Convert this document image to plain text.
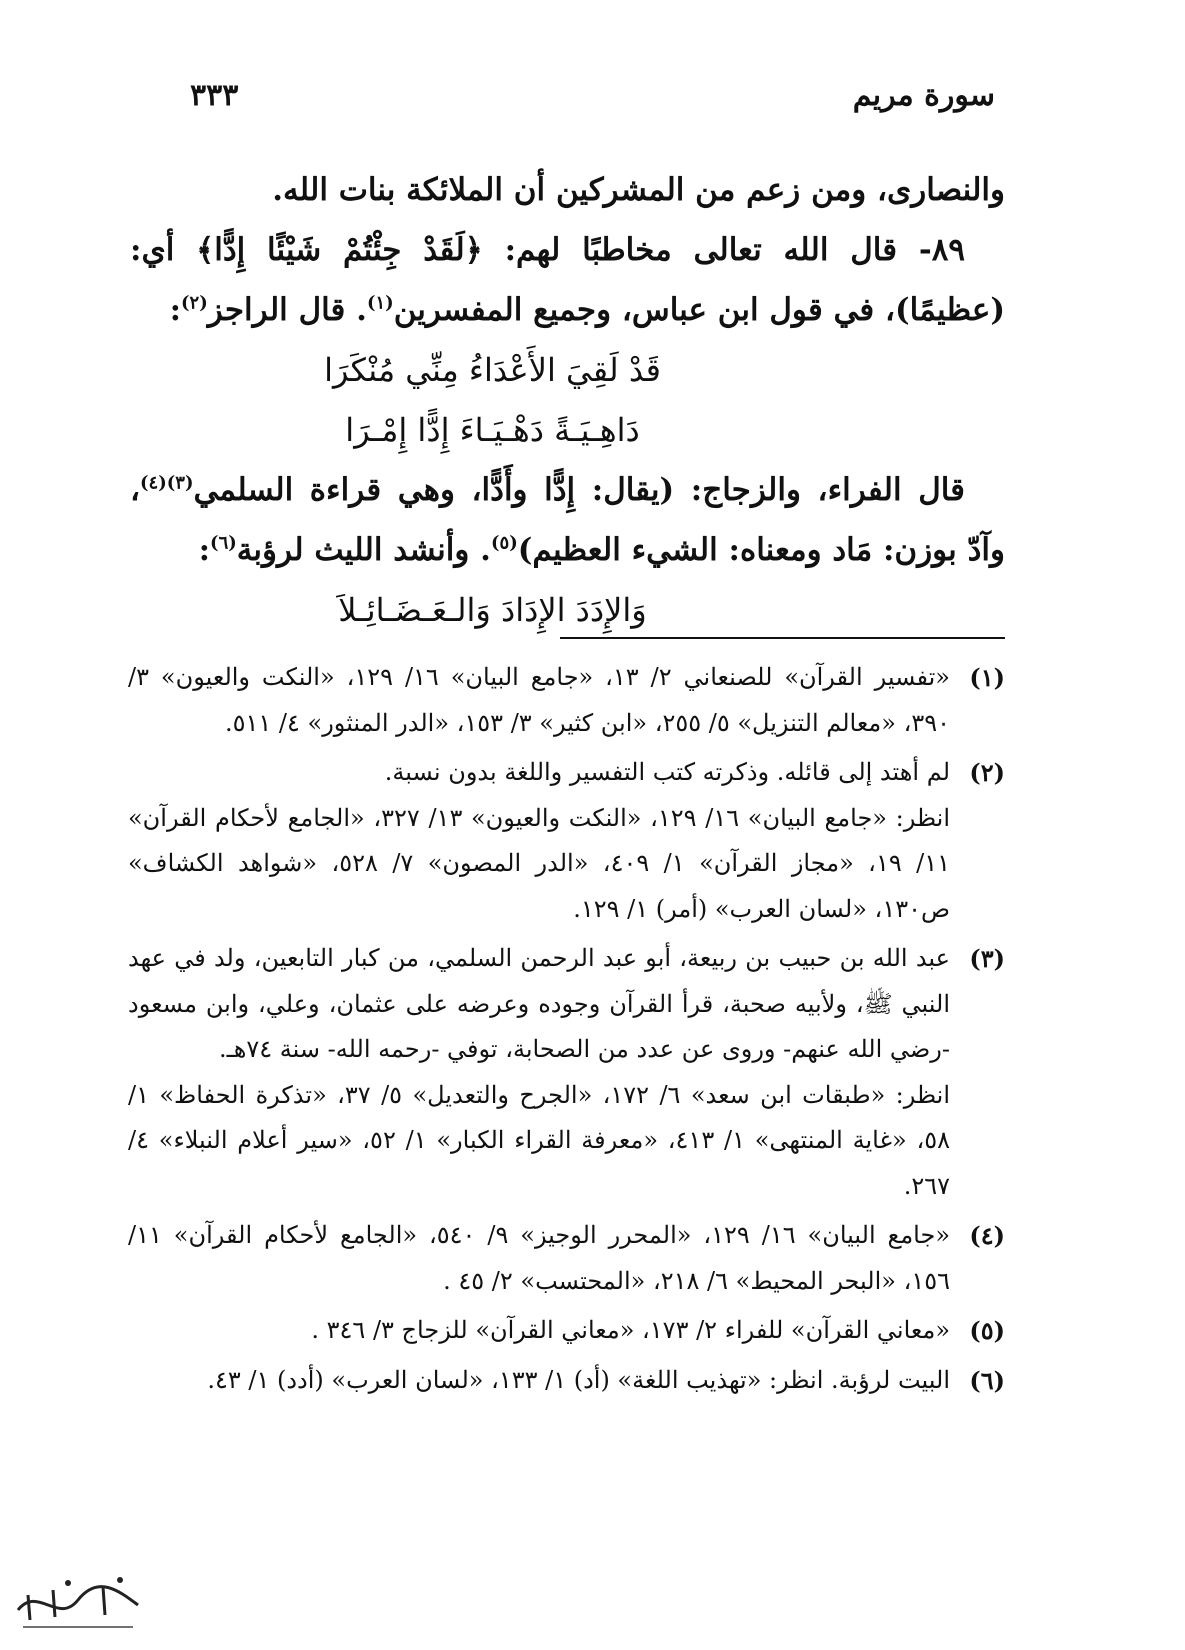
سورة مريم
٣٣٣

والنصارى، ومن زعم من المشركين أن الملائكة بنات الله.

٨٩- قال الله تعالى مخاطبًا لهم: ﴿لَقَدْ جِئْتُمْ شَيْئًا إِدًّا﴾ أي: (عظيمًا)، في قول ابن عباس، وجميع المفسرين$^{(١)}$. قال الراجز$^{(٢)}$:

قَدْ لَقِيَ الأَعْدَاءُ مِنِّي مُنْكَرَا
دَاهِـيَـةً دَهْـيَـاءَ إِدًّا إِمْـرَا

قال الفراء، والزجاج: (يقال: إِدًّا وأَدًّا، وهي قراءة السلمي$^{(٣)(٤)}$، وآدّ بوزن: مَاد ومعناه: الشيء العظيم)$^{(٥)}$. وأنشد الليث لرؤبة$^{(٦)}$:

وَالإِدَدَ الإِدَادَ وَالـعَـضَـائِـلاَ
(١)

«تفسير القرآن» للصنعاني ٢/ ١٣، «جامع البيان» ١٦/ ١٢٩، «النكت والعيون» ٣/ ٣٩٠، «معالم التنزيل» ٥/ ٢٥٥، «ابن كثير» ٣/ ١٥٣، «الدر المنثور» ٤/ ٥١١.

(٢)

لم أهتد إلى قائله. وذكرته كتب التفسير واللغة بدون نسبة.

انظر: «جامع البيان» ١٦/ ١٢٩، «النكت والعيون» ١٣/ ٣٢٧، «الجامع لأحكام القرآن» ١١/ ١٩، «مجاز القرآن» ١/ ٤٠٩، «الدر المصون» ٧/ ٥٢٨، «شواهد الكشاف» ص١٣٠، «لسان العرب» (أمر) ١/ ١٢٩.

(٣)

عبد الله بن حبيب بن ربيعة، أبو عبد الرحمن السلمي، من كبار التابعين، ولد في عهد النبي ﷺ، ولأبيه صحبة، قرأ القرآن وجوده وعرضه على عثمان، وعلي، وابن مسعود -رضي الله عنهم- وروى عن عدد من الصحابة، توفي -رحمه الله- سنة ٧٤هـ.

انظر: «طبقات ابن سعد» ٦/ ١٧٢، «الجرح والتعديل» ٥/ ٣٧، «تذكرة الحفاظ» ١/ ٥٨، «غاية المنتهى» ١/ ٤١٣، «معرفة القراء الكبار» ١/ ٥٢، «سير أعلام النبلاء» ٤/ ٢٦٧.

(٤)

«جامع البيان» ١٦/ ١٢٩، «المحرر الوجيز» ٩/ ٥٤٠، «الجامع لأحكام القرآن» ١١/ ١٥٦، «البحر المحيط» ٦/ ٢١٨، «المحتسب» ٢/ ٤٥ .

(٥)

«معاني القرآن» للفراء ٢/ ١٧٣، «معاني القرآن» للزجاج ٣/ ٣٤٦ .

(٦)

البيت لرؤبة. انظر: «تهذيب اللغة» (أد) ١/ ١٣٣، «لسان العرب» (أدد) ١/ ٤٣.
